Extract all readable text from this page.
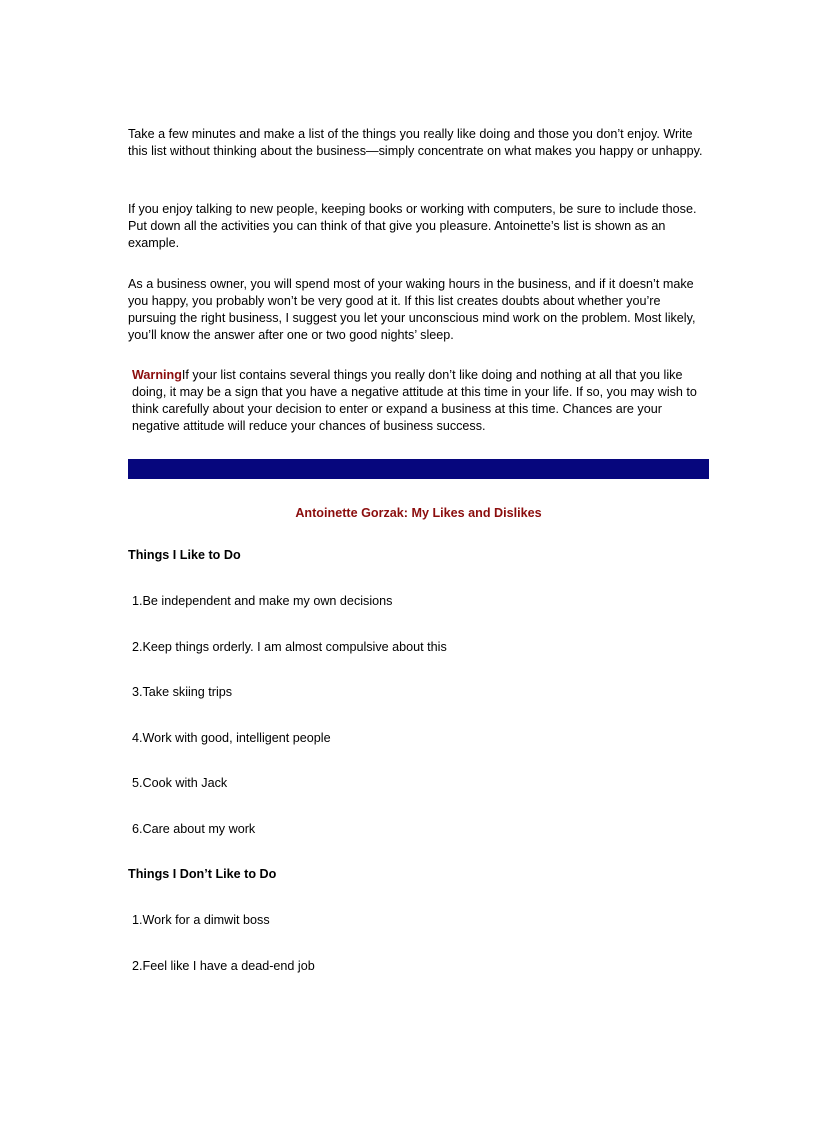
Take a few minutes and make a list of the things you really like doing and those you don’t enjoy. Write this list without thinking about the business—simply concentrate on what makes you happy or unhappy.

If you enjoy talking to new people, keeping books or working with computers, be sure to include those. Put down all the activities you can think of that give you pleasure. Antoinette’s list is shown as an example.

As a business owner, you will spend most of your waking hours in the business, and if it doesn’t make you happy, you probably won’t be very good at it. If this list creates doubts about whether you’re pursuing the right business, I suggest you let your unconscious mind work on the problem. Most likely, you’ll know the answer after one or two good nights’ sleep.

WarningIf your list contains several things you really don’t like doing and nothing at all that you like doing, it may be a sign that you have a negative attitude at this time in your life. If so, you may wish to think carefully about your decision to enter or expand a business at this time. Chances are your negative attitude will reduce your chances of business success.

Antoinette Gorzak: My Likes and Dislikes

Things I Like to Do

1.Be independent and make my own decisions

2.Keep things orderly. I am almost compulsive about this

3.Take skiing trips

4.Work with good, intelligent people

5.Cook with Jack

6.Care about my work

Things I Don’t Like to Do

1.Work for a dimwit boss

2.Feel like I have a dead-end job
